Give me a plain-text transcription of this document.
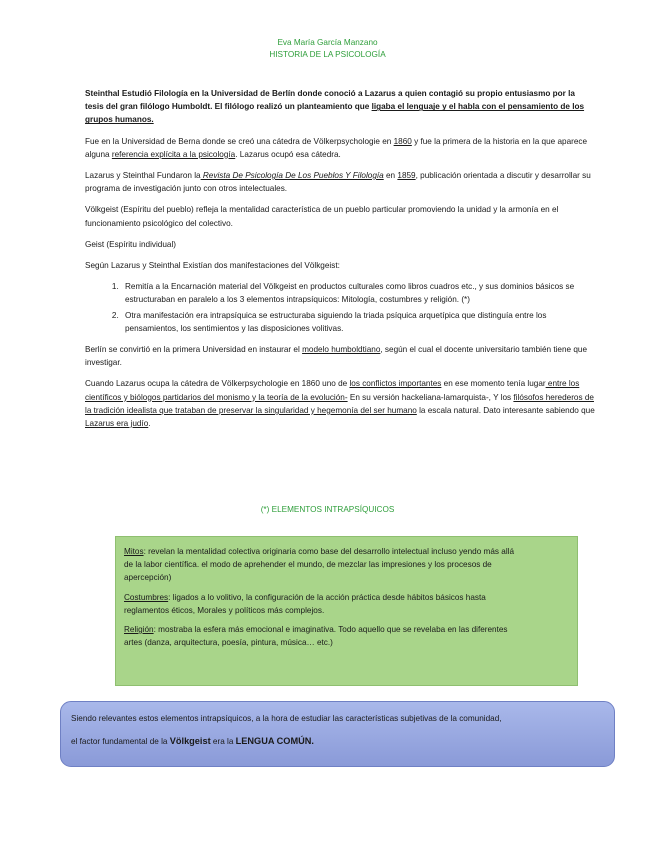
Eva María García Manzano
HISTORIA DE LA PSICOLOGÍA

Steinthal Estudió Filología en la Universidad de Berlín donde conoció a Lazarus a quien contagió su propio entusiasmo por la tesis del gran filólogo Humboldt. El filólogo realizó un planteamiento que ligaba el lenguaje y el habla con el pensamiento de los grupos humanos.

Fue en la Universidad de Berna donde se creó una cátedra de Völkerpsychologie en 1860 y fue la primera de la historia en la que aparece alguna referencia explícita a la psicología. Lazarus ocupó esa cátedra.

Lazarus y Steinthal Fundaron la Revista De Psicología De Los Pueblos Y Filología en 1859, publicación orientada a discutir y desarrollar su programa de investigación junto con otros intelectuales.

Völkgeist (Espíritu del pueblo) refleja la mentalidad característica de un pueblo particular promoviendo la unidad y la armonía en el funcionamiento psicológico del colectivo.

Geist (Espíritu individual)

Según Lazarus y Steinthal Existían dos manifestaciones del Völkgeist:

1. Remitía a la Encarnación material del Völkgeist en productos culturales como libros cuadros etc., y sus dominios básicos se estructuraban en paralelo a los 3 elementos intrapsíquicos: Mitología, costumbres y religión. (*)
2. Otra manifestación era intrapsíquica se estructuraba siguiendo la triada psíquica arquetípica que distinguía entre los pensamientos, los sentimientos y las disposiciones volitivas.

Berlín se convirtió en la primera Universidad en instaurar el modelo humboldtiano, según el cual el docente universitario también tiene que investigar.

Cuando Lazarus ocupa la cátedra de Völkerpsychologie en 1860 uno de los conflictos importantes en ese momento tenía lugar entre los científicos y biólogos partidarios del monismo y la teoría de la evolución- En su versión hackeliana-lamarquista-, Y los filósofos herederos de la tradición idealista que trataban de preservar la singularidad y hegemonía del ser humano la escala natural. Dato interesante sabiendo que Lazarus era judío.

(*) ELEMENTOS INTRAPSÍQUICOS

Mitos: revelan la mentalidad colectiva originaria como base del desarrollo intelectual incluso yendo más allá de la labor científica. el modo de aprehender el mundo, de mezclar las impresiones y los procesos de apercepción)

Costumbres: ligados a lo volitivo, la configuración de la acción práctica desde hábitos básicos hasta reglamentos éticos, Morales y políticos más complejos.

Religión: mostraba la esfera más emocional e imaginativa. Todo aquello que se revelaba en las diferentes artes (danza, arquitectura, poesía, pintura, música… etc.)

Siendo relevantes estos elementos intrapsíquicos, a la hora de estudiar las características subjetivas de la comunidad,

el factor fundamental de la Völkgeist era la LENGUA COMÚN.
